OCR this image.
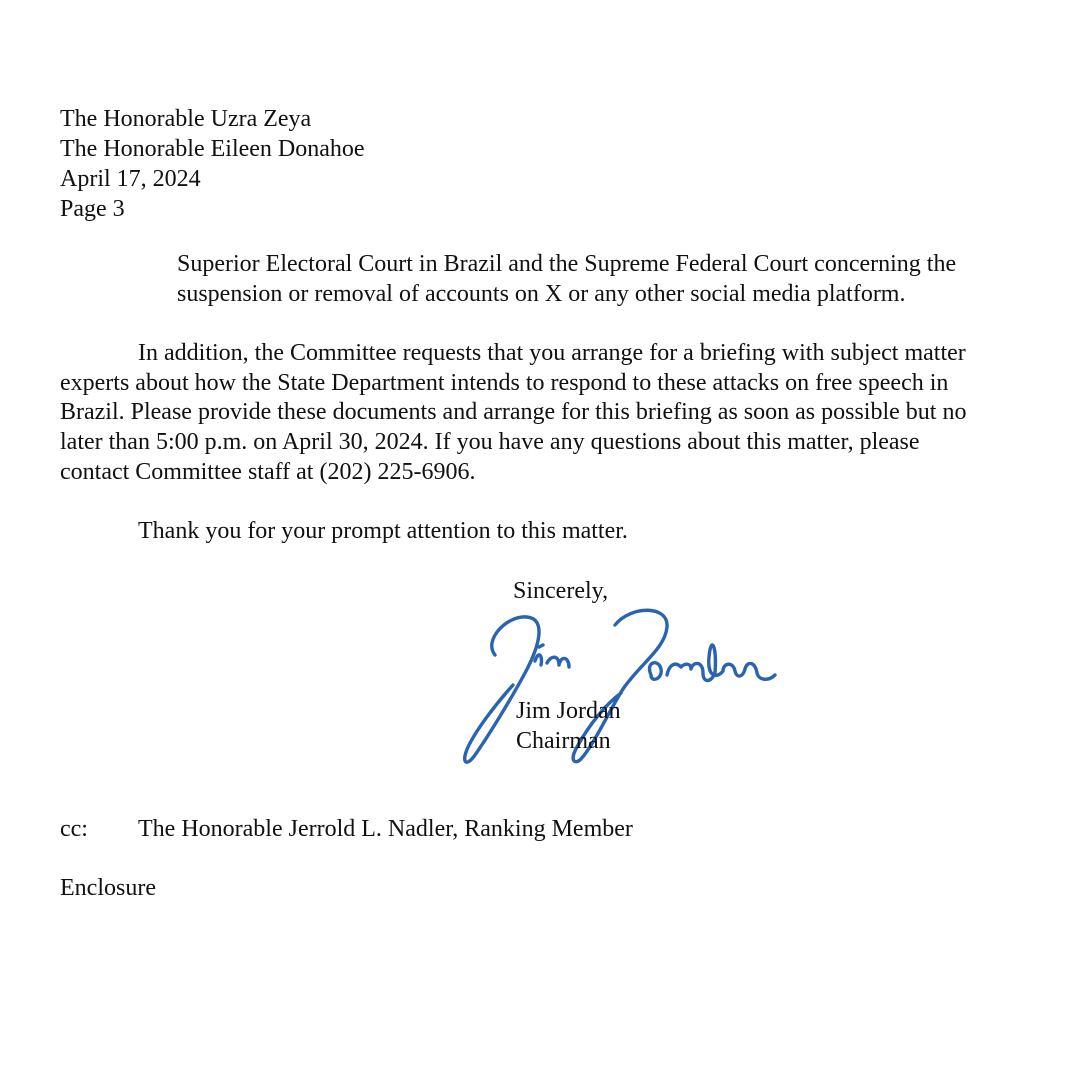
The Honorable Uzra Zeya

The Honorable Eileen Donahoe

April 17, 2024

Page 3

Superior Electoral Court in Brazil and the Supreme Federal Court concerning the

suspension or removal of accounts on X or any other social media platform.

In addition, the Committee requests that you arrange for a briefing with subject matter

experts about how the State Department intends to respond to these attacks on free speech in

Brazil. Please provide these documents and arrange for this briefing as soon as possible but no

later than 5:00 p.m. on April 30, 2024. If you have any questions about this matter, please

contact Committee staff at (202) 225-6906.

Thank you for your prompt attention to this matter.

Sincerely,

Jim Jordan

Chairman

cc: The Honorable Jerrold L. Nadler, Ranking Member

Enclosure
